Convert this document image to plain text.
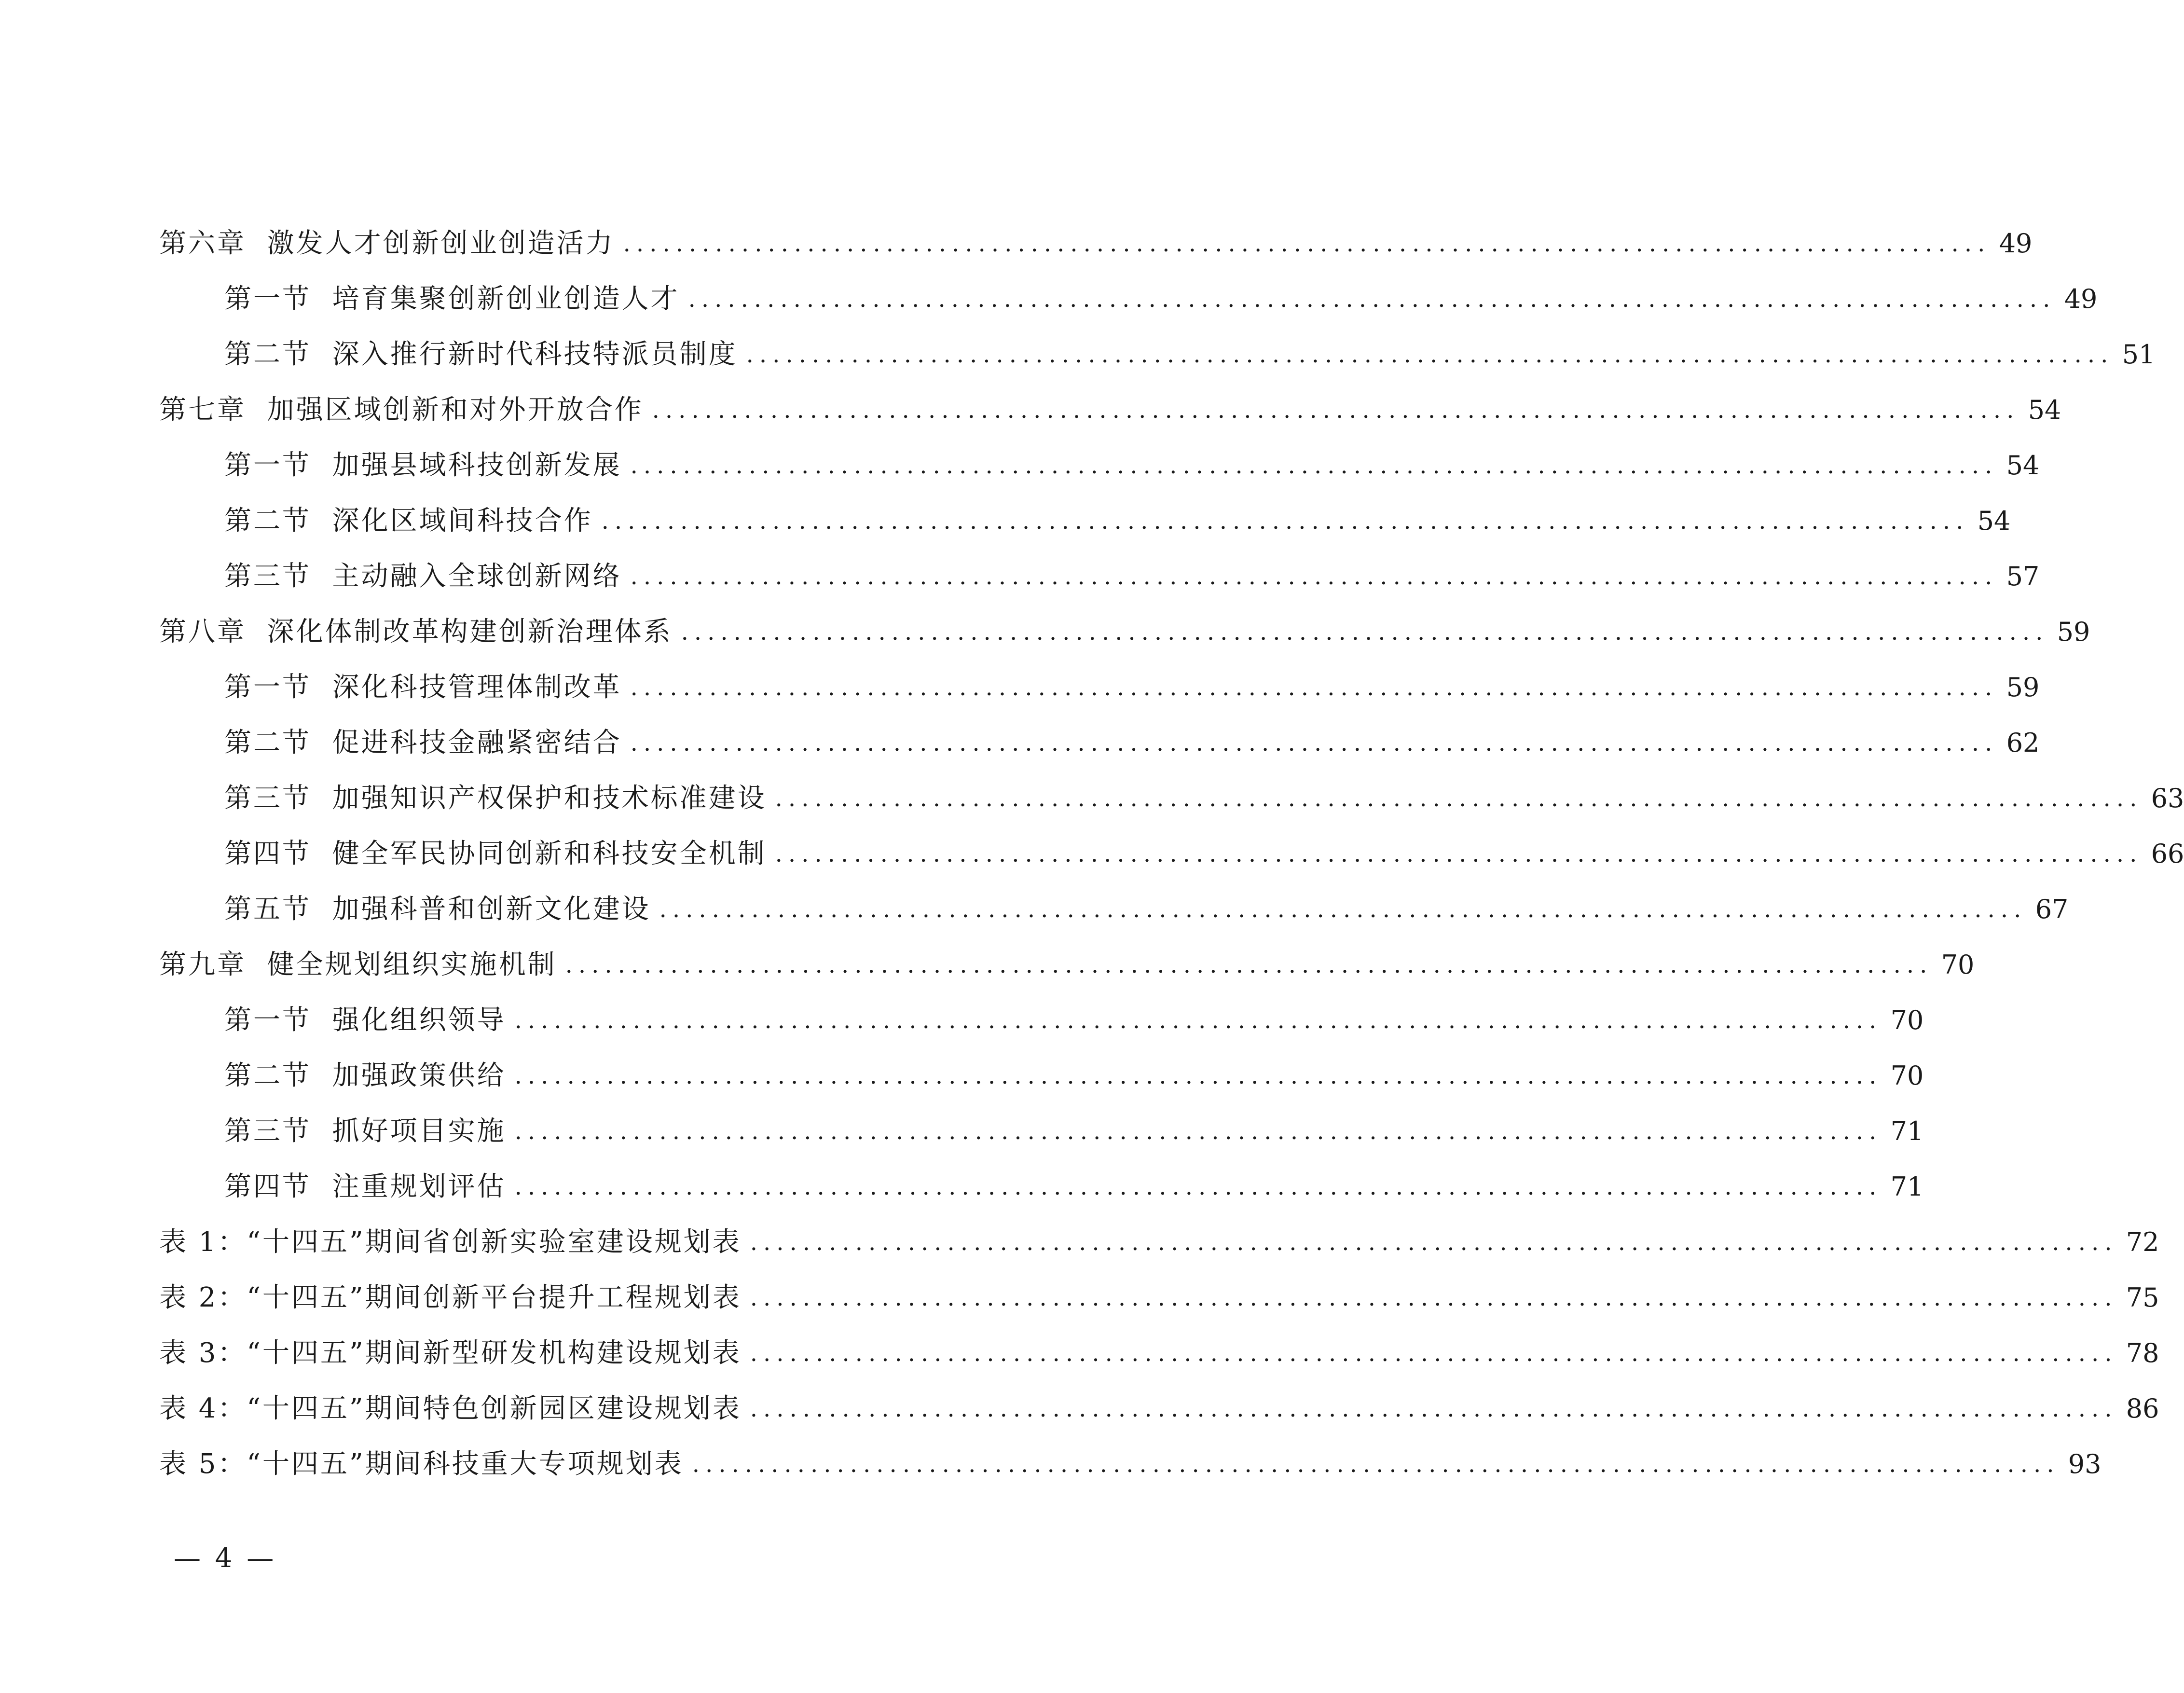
第六章  激发人才创新创业创造活力 ........................................................................................................ 49
第一节  培育集聚创新创业创造人才 ........................................................................................................ 49
第二节  深入推行新时代科技特派员制度 ........................................................................................................ 51
第七章  加强区域创新和对外开放合作 ........................................................................................................ 54
第一节  加强县域科技创新发展 ........................................................................................................ 54
第二节  深化区域间科技合作 ........................................................................................................ 54
第三节  主动融入全球创新网络 ........................................................................................................ 57
第八章  深化体制改革构建创新治理体系 ........................................................................................................ 59
第一节  深化科技管理体制改革 ........................................................................................................ 59
第二节  促进科技金融紧密结合 ........................................................................................................ 62
第三节  加强知识产权保护和技术标准建设 ........................................................................................................ 63
第四节  健全军民协同创新和科技安全机制 ........................................................................................................ 66
第五节  加强科普和创新文化建设 ........................................................................................................ 67
第九章  健全规划组织实施机制 ........................................................................................................ 70
第一节  强化组织领导 ........................................................................................................ 70
第二节  加强政策供给 ........................................................................................................ 70
第三节  抓好项目实施 ........................................................................................................ 71
第四节  注重规划评估 ........................................................................................................ 71
表 1：“十四五”期间省创新实验室建设规划表 ........................................................................................................ 72
表 2：“十四五”期间创新平台提升工程规划表 ........................................................................................................ 75
表 3：“十四五”期间新型研发机构建设规划表 ........................................................................................................ 78
表 4：“十四五”期间特色创新园区建设规划表 ........................................................................................................ 86
表 5：“十四五”期间科技重大专项规划表 ........................................................................................................ 93
— 4 —
